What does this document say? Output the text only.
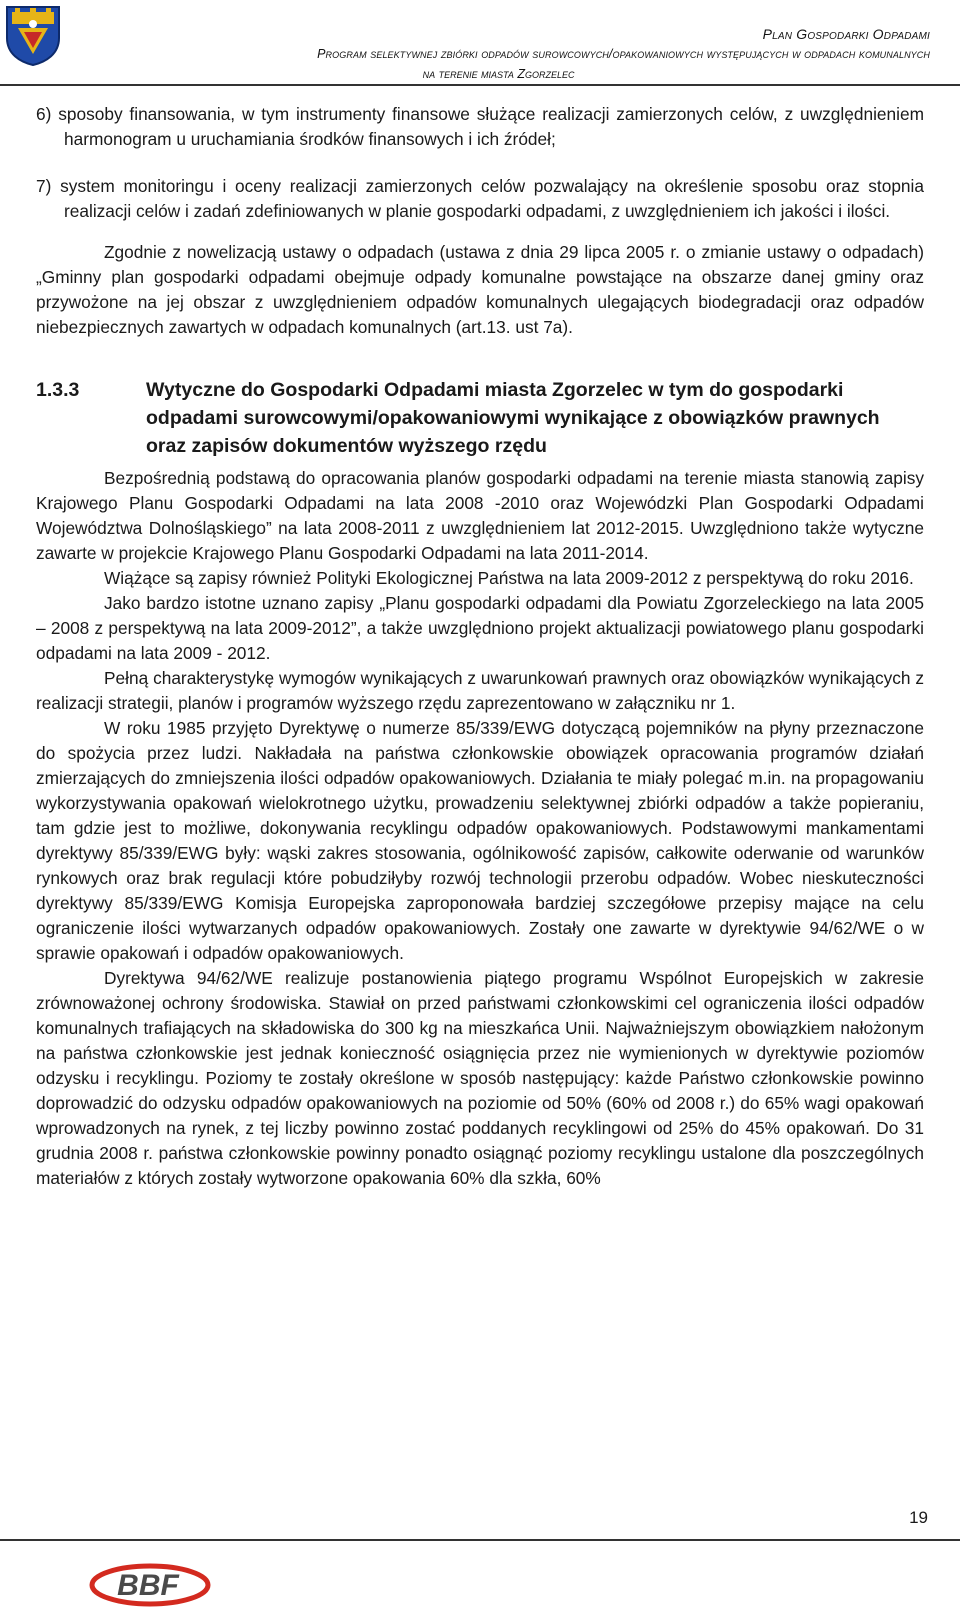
Plan Gospodarki Odpadami
Program selektywnej zbiórki odpadów surowcowych/opakowaniowych występujących w odpadach komunalnych
na terenie miasta Zgorzelec

6) sposoby finansowania, w tym instrumenty finansowe służące realizacji zamierzonych celów, z uwzględnieniem harmonogram u uruchamiania środków finansowych i ich źródeł;

7) system monitoringu i oceny realizacji zamierzonych celów pozwalający na określenie sposobu oraz stopnia realizacji celów i zadań zdefiniowanych w planie gospodarki odpadami, z uwzględnieniem ich jakości i ilości.

Zgodnie z nowelizacją ustawy o odpadach (ustawa z dnia 29 lipca 2005 r. o zmianie ustawy o odpadach) „Gminny plan gospodarki odpadami obejmuje odpady komunalne powstające na obszarze danej gminy oraz przywożone na jej obszar z uwzględnieniem odpadów komunalnych ulegających biodegradacji oraz odpadów niebezpiecznych zawartych w odpadach komunalnych (art.13. ust 7a).

1.3.3	Wytyczne do Gospodarki Odpadami miasta Zgorzelec w tym do gospodarki odpadami surowcowymi/opakowaniowymi wynikające z obowiązków prawnych oraz zapisów dokumentów wyższego rzędu

Bezpośrednią podstawą do opracowania planów gospodarki odpadami na terenie miasta stanowią zapisy Krajowego Planu Gospodarki Odpadami na lata 2008 -2010 oraz Wojewódzki Plan Gospodarki Odpadami Województwa Dolnośląskiego” na lata 2008-2011 z uwzględnieniem lat 2012-2015. Uwzględniono także wytyczne zawarte w projekcie Krajowego Planu Gospodarki Odpadami na lata 2011-2014.

Wiążące są zapisy również Polityki Ekologicznej Państwa na lata 2009-2012 z perspektywą do roku 2016.

Jako bardzo istotne uznano zapisy „Planu gospodarki odpadami dla Powiatu Zgorzeleckiego na lata 2005 – 2008 z perspektywą na lata 2009-2012”, a także uwzględniono projekt aktualizacji powiatowego planu gospodarki odpadami na lata 2009 - 2012.

Pełną charakterystykę wymogów wynikających z uwarunkowań prawnych oraz obowiązków wynikających z realizacji strategii, planów i programów wyższego rzędu zaprezentowano w załączniku nr 1.

W roku 1985 przyjęto Dyrektywę o numerze 85/339/EWG dotyczącą pojemników na płyny przeznaczone do spożycia przez ludzi. Nakładała na państwa członkowskie obowiązek opracowania programów działań zmierzających do zmniejszenia ilości odpadów opakowaniowych. Działania te miały polegać m.in. na propagowaniu wykorzystywania opakowań wielokrotnego użytku, prowadzeniu selektywnej zbiórki odpadów a także popieraniu, tam gdzie jest to możliwe, dokonywania recyklingu odpadów opakowaniowych. Podstawowymi mankamentami dyrektywy 85/339/EWG były: wąski zakres stosowania, ogólnikowość zapisów, całkowite oderwanie od warunków rynkowych oraz brak regulacji które pobudziłyby rozwój technologii przerobu odpadów. Wobec nieskuteczności dyrektywy 85/339/EWG Komisja Europejska zaproponowała bardziej szczegółowe przepisy mające na celu ograniczenie ilości wytwarzanych odpadów opakowaniowych. Zostały one zawarte w dyrektywie 94/62/WE o w sprawie opakowań i odpadów opakowaniowych.

Dyrektywa 94/62/WE realizuje postanowienia piątego programu Wspólnot Europejskich w zakresie zrównoważonej ochrony środowiska. Stawiał on przed państwami członkowskimi cel ograniczenia ilości odpadów komunalnych trafiających na składowiska do 300 kg na mieszkańca Unii. Najważniejszym obowiązkiem nałożonym na państwa członkowskie jest jednak konieczność osiągnięcia przez nie wymienionych w dyrektywie poziomów odzysku i recyklingu. Poziomy te zostały określone w sposób następujący: każde Państwo członkowskie powinno doprowadzić do odzysku odpadów opakowaniowych na poziomie od 50% (60% od 2008 r.) do 65% wagi opakowań wprowadzonych na rynek, z tej liczby powinno zostać poddanych recyklingowi od 25% do 45% opakowań. Do 31 grudnia 2008 r. państwa członkowskie powinny ponadto osiągnąć poziomy recyklingu ustalone dla poszczególnych materiałów z których zostały wytworzone opakowania 60% dla szkła, 60%

19
BBF
